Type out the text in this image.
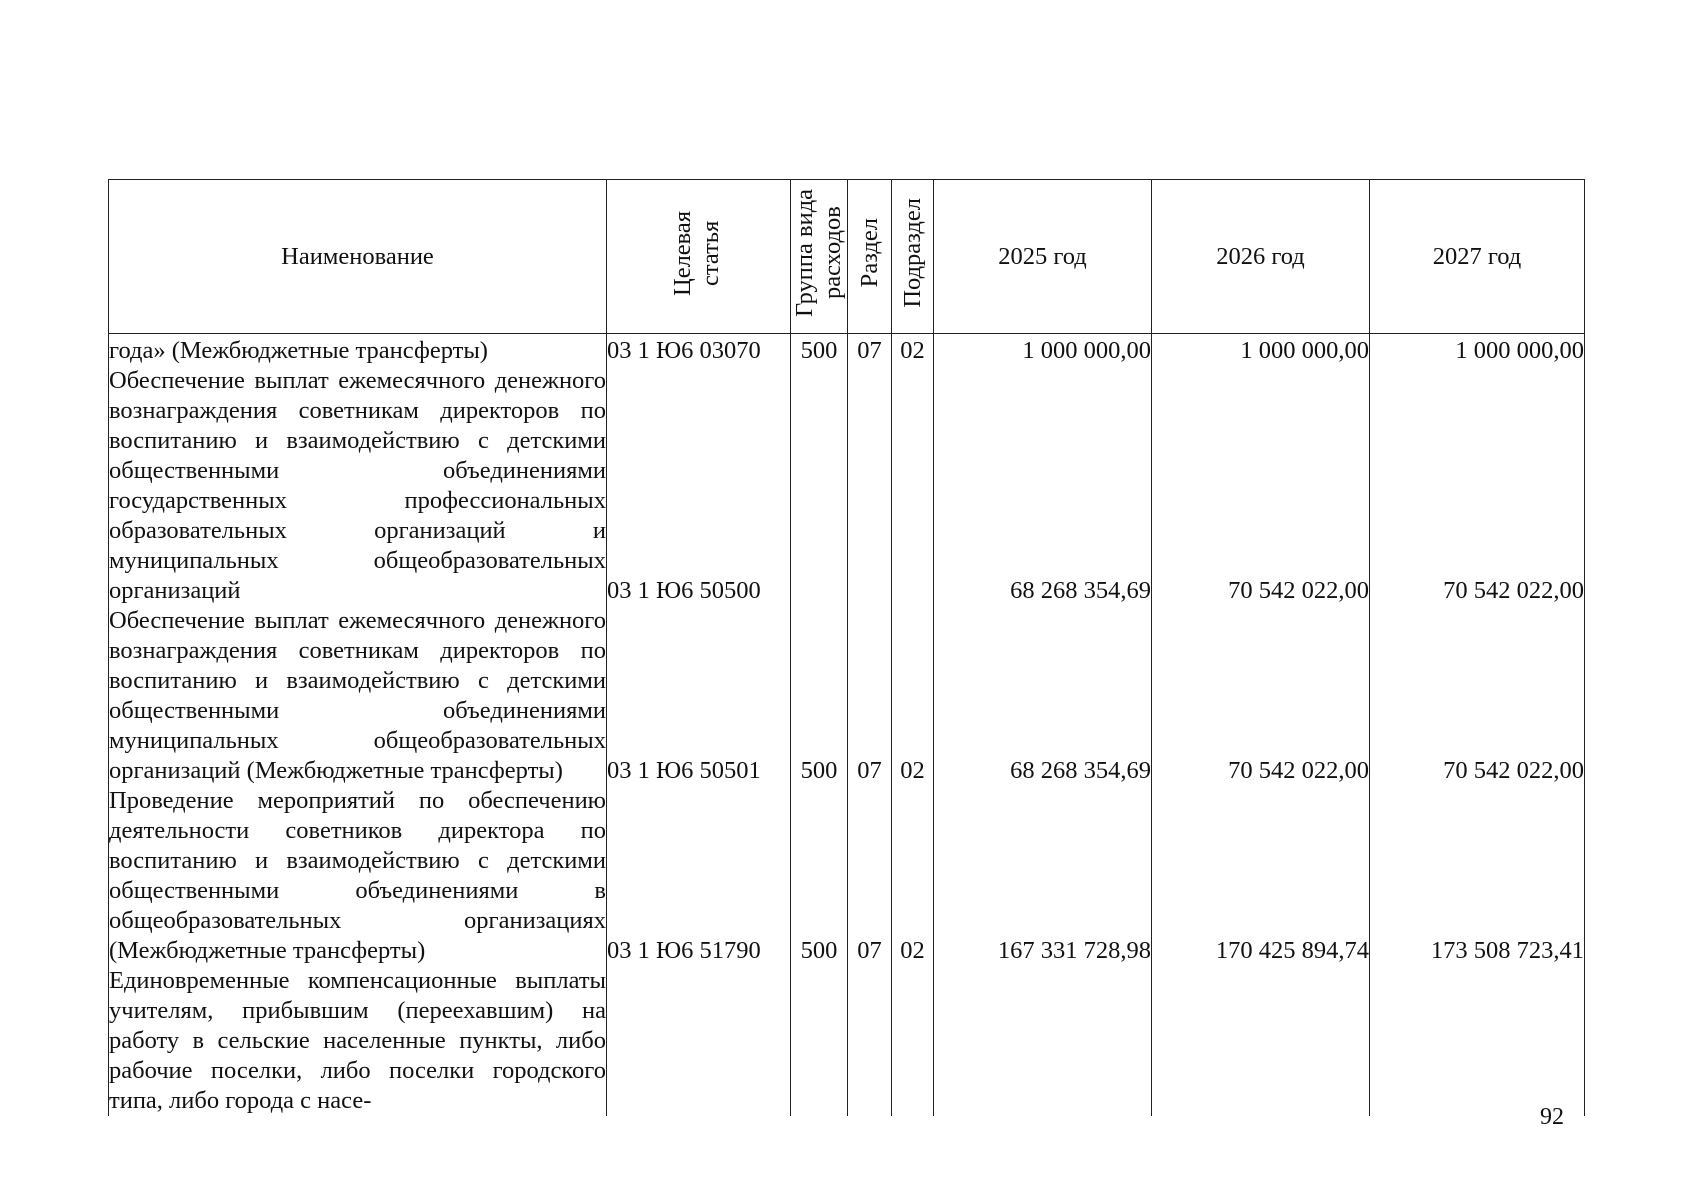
Наименование	Целевая статья	Группа вида расходов	Раздел	Подраздел	2025 год	2026 год	2027 год
года» (Межбюджетные трансферты)	03 1 Ю6 03070	500	07	02	1 000 000,00	1 000 000,00	1 000 000,00
Обеспечение выплат ежемесячного денежного вознаграждения советникам директоров по воспитанию и взаимодействию с детскими общественными объединениями государственных профессиональных образовательных организаций и муниципальных общеобразовательных организаций	03 1 Ю6 50500				68 268 354,69	70 542 022,00	70 542 022,00
Обеспечение выплат ежемесячного денежного вознаграждения советникам директоров по воспитанию и взаимодействию с детскими общественными объединениями муниципальных общеобразовательных организаций (Межбюджетные трансферты)	03 1 Ю6 50501	500	07	02	68 268 354,69	70 542 022,00	70 542 022,00
Проведение мероприятий по обеспечению деятельности советников директора по воспитанию и взаимодействию с детскими общественными объединениями в общеобразовательных организациях (Межбюджетные трансферты)	03 1 Ю6 51790	500	07	02	167 331 728,98	170 425 894,74	173 508 723,41
Единовременные компенсационные выплаты учителям, прибывшим (переехавшим) на работу в сельские населенные пункты, либо рабочие поселки, либо поселки городского типа, либо города с насе-							
92
